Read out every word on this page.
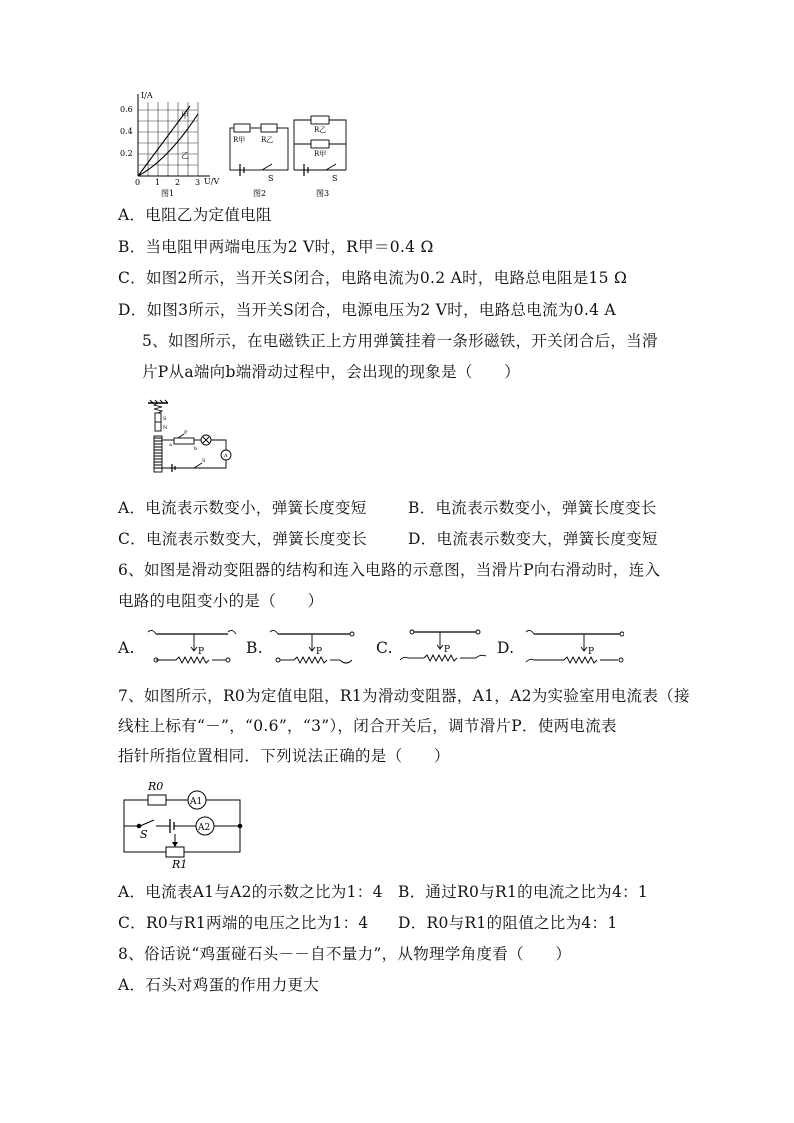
I/A
U/V
0.6
0.4
0.2
0 1 2 3
甲
乙
图1
R甲 R乙
S
图2
R乙
R甲
S
图3
A．电阻乙为定值电阻
B．当电阻甲两端电压为2 V时，R甲＝0.4 Ω
C．如图2所示，当开关S闭合，电路电流为0.2 A时，电路总电阻是15 Ω
D．如图3所示，当开关S闭合，电源电压为2 V时，电路总电流为0.4 A
5、如图所示，在电磁铁正上方用弹簧挂着一条形磁铁，开关闭合后，当滑
片P从a端向b端滑动过程中，会出现的现象是（　　）
S
N
a
b
P
S
A
A．电流表示数变小，弹簧长度变短	B．电流表示数变小，弹簧长度变长
C．电流表示数变大，弹簧长度变长	D．电流表示数变大，弹簧长度变短
6、如图是滑动变阻器的结构和连入电路的示意图，当滑片P向右滑动时，连入
电路的电阻变小的是（　　）
A.	B.	C.	D.
P	P	P	P
7、如图所示，R0为定值电阻，R1为滑动变阻器，A1，A2为实验室用电流表（接
线柱上标有“－”，“0.6”，“3”），闭合开关后，调节滑片P．使两电流表
指针所指位置相同．下列说法正确的是（　　）
R0
A1
A2
S
R1
A．电流表A1与A2的示数之比为1：4 B．通过R0与R1的电流之比为4：1
C．R0与R1两端的电压之比为1：4 D．R0与R1的阻值之比为4：1
8、俗话说“鸡蛋碰石头－－自不量力”，从物理学角度看（　　）
A．石头对鸡蛋的作用力更大
